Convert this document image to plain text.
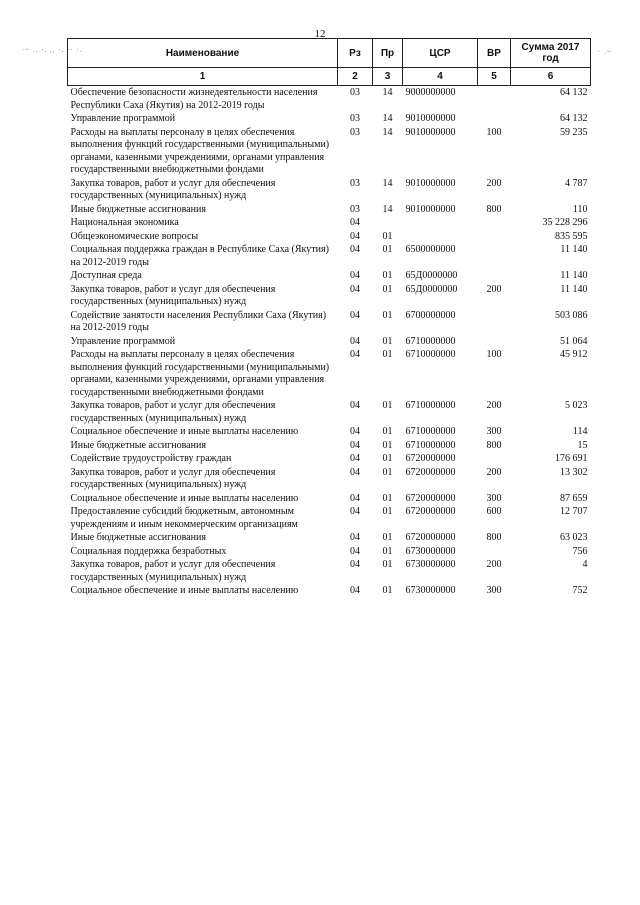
12
·~ .. ·. ,. ·. ·· ·.	· .~
Наименование	Рз	Пр	ЦСР	ВР	Сумма 2017 год
1	2	3	4	5	6
Обеспечение безопасности жизнедеятельности населения Республики Саха (Якутия) на 2012-2019 годы	03	14	9000000000		64 132
Управление программой	03	14	9010000000		64 132
Расходы на выплаты персоналу в целях обеспечения выполнения функций государственными (муниципальными) органами, казенными учреждениями, органами управления государственными внебюджетными фондами	03	14	9010000000	100	59 235
Закупка товаров, работ и услуг для обеспечения государственных (муниципальных) нужд	03	14	9010000000	200	4 787
Иные бюджетные ассигнования	03	14	9010000000	800	110
Национальная экономика	04				35 228 296
Общеэкономические вопросы	04	01			835 595
Социальная поддержка граждан в Республике Саха (Якутия) на 2012-2019 годы	04	01	6500000000		11 140
Доступная среда	04	01	65Д0000000		11 140
Закупка товаров, работ и услуг для обеспечения государственных (муниципальных) нужд	04	01	65Д0000000	200	11 140
Содействие занятости населения Республики Саха (Якутия) на 2012-2019 годы	04	01	6700000000		503 086
Управление программой	04	01	6710000000		51 064
Расходы на выплаты персоналу в целях обеспечения выполнения функций государственными (муниципальными) органами, казенными учреждениями, органами управления государственными внебюджетными фондами	04	01	6710000000	100	45 912
Закупка товаров, работ и услуг для обеспечения государственных (муниципальных) нужд	04	01	6710000000	200	5 023
Социальное обеспечение и иные выплаты населению	04	01	6710000000	300	114
Иные бюджетные ассигнования	04	01	6710000000	800	15
Содействие трудоустройству граждан	04	01	6720000000		176 691
Закупка товаров, работ и услуг для обеспечения государственных (муниципальных) нужд	04	01	6720000000	200	13 302
Социальное обеспечение и иные выплаты населению	04	01	6720000000	300	87 659
Предоставление субсидий бюджетным, автономным учреждениям и иным некоммерческим организациям	04	01	6720000000	600	12 707
Иные бюджетные ассигнования	04	01	6720000000	800	63 023
Социальная поддержка безработных	04	01	6730000000		756
Закупка товаров, работ и услуг для обеспечения государственных (муниципальных) нужд	04	01	6730000000	200	4
Социальное обеспечение и иные выплаты населению	04	01	6730000000	300	752
